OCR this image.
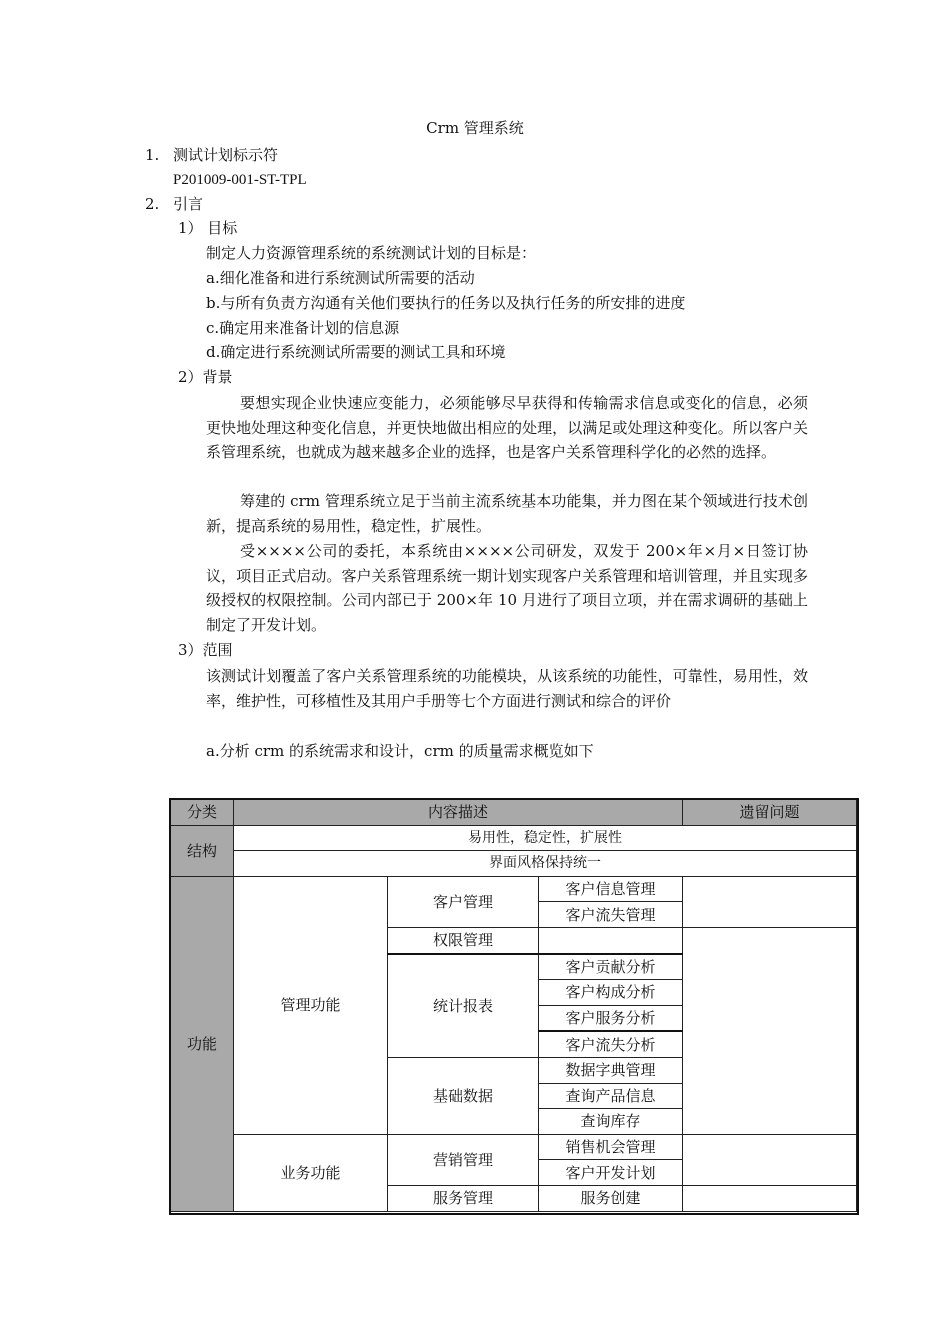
Crm 管理系统
1. 测试计划标示符
P201009-001-ST-TPL
2. 引言
1） 目标
制定人力资源管理系统的系统测试计划的目标是：
a.细化准备和进行系统测试所需要的活动
b.与所有负责方沟通有关他们要执行的任务以及执行任务的所安排的进度
c.确定用来准备计划的信息源
d.确定进行系统测试所需要的测试工具和环境
2）背景
要想实现企业快速应变能力，必须能够尽早获得和传输需求信息或变化的信息，必须更快地处理这种变化信息，并更快地做出相应的处理，以满足或处理这种变化。所以客户关系管理系统，也就成为越来越多企业的选择，也是客户关系管理科学化的必然的选择。
筹建的 crm 管理系统立足于当前主流系统基本功能集，并力图在某个领域进行技术创新，提高系统的易用性，稳定性，扩展性。
受××××公司的委托，本系统由××××公司研发，双发于 200×年×月×日签订协议，项目正式启动。客户关系管理系统一期计划实现客户关系管理和培训管理，并且实现多级授权的权限控制。公司内部已于 200×年 10 月进行了项目立项，并在需求调研的基础上制定了开发计划。
3）范围
该测试计划覆盖了客户关系管理系统的功能模块，从该系统的功能性，可靠性，易用性，效率，维护性，可移植性及其用户手册等七个方面进行测试和综合的评价
a.分析 crm 的系统需求和设计，crm 的质量需求概览如下
分类	内容描述			遗留问题
结构	易用性，稳定性，扩展性			
	界面风格保持统一			
功能	管理功能	客户管理	客户信息管理	
			客户流失管理	
		权限管理		
		统计报表	客户贡献分析	
			客户构成分析	
			客户服务分析	
			客户流失分析	
		基础数据	数据字典管理	
			查询产品信息	
			查询库存	
	业务功能	营销管理	销售机会管理	
			客户开发计划	
		服务管理	服务创建	
